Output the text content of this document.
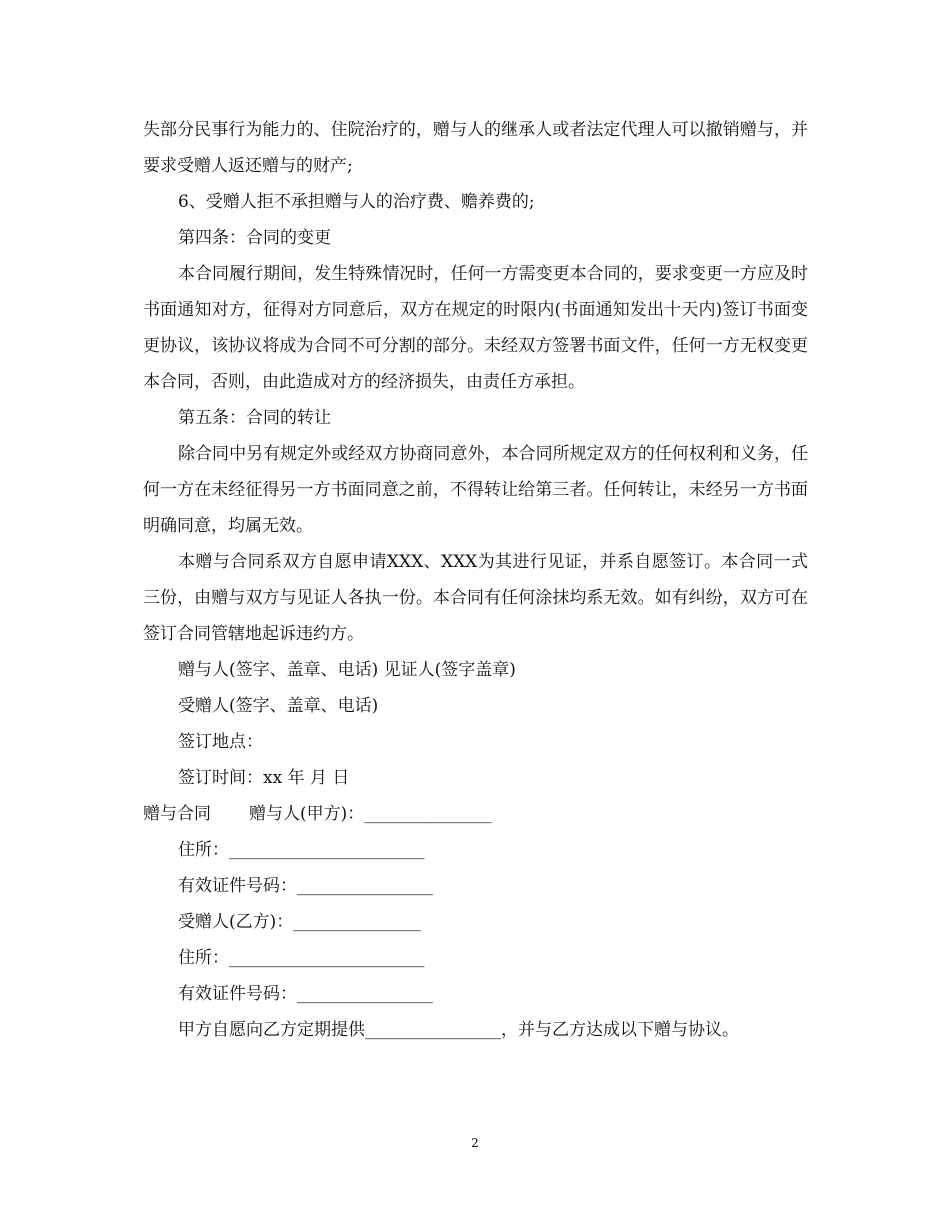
失部分民事行为能力的、住院治疗的，赠与人的继承人或者法定代理人可以撤销赠与，并要求受赠人返还赠与的财产;

6、受赠人拒不承担赠与人的治疗费、赡养费的;

第四条：合同的变更

本合同履行期间，发生特殊情况时，任何一方需变更本合同的，要求变更一方应及时书面通知对方，征得对方同意后，双方在规定的时限内(书面通知发出十天内)签订书面变更协议，该协议将成为合同不可分割的部分。未经双方签署书面文件，任何一方无权变更本合同，否则，由此造成对方的经济损失，由责任方承担。

第五条：合同的转让

除合同中另有规定外或经双方协商同意外，本合同所规定双方的任何权利和义务，任何一方在未经征得另一方书面同意之前，不得转让给第三者。任何转让，未经另一方书面明确同意，均属无效。

本赠与合同系双方自愿申请XXX、XXX为其进行见证，并系自愿签订。本合同一式三份，由赠与双方与见证人各执一份。本合同有任何涂抹均系无效。如有纠纷，双方可在签订合同管辖地起诉违约方。

赠与人(签字、盖章、电话) 见证人(签字盖章)

受赠人(签字、盖章、电话)

签订地点：

签订时间：xx 年 月 日

赠与合同 赠与人(甲方)：_______________

住所：_______________________

有效证件号码：________________

受赠人(乙方)：_______________

住所：_______________________

有效证件号码：________________

甲方自愿向乙方定期提供________________，并与乙方达成以下赠与协议。

2
